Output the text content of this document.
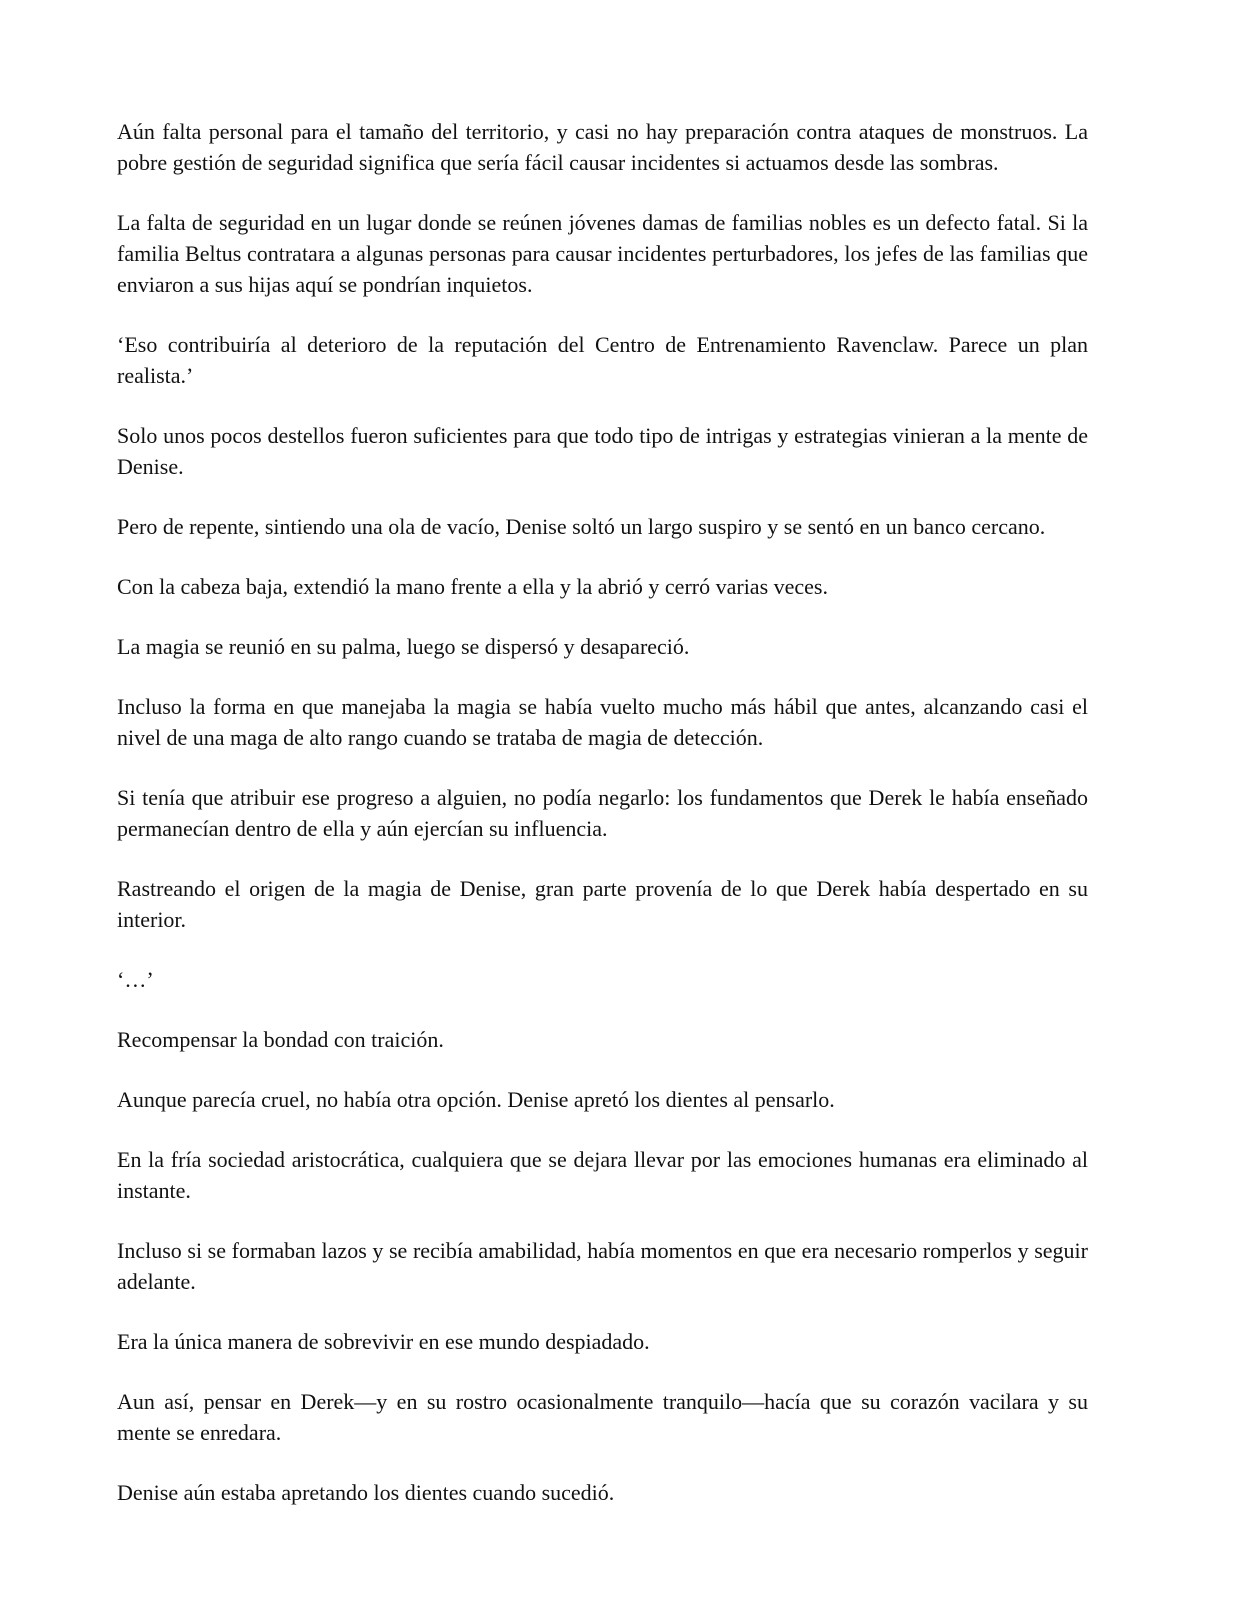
Aún falta personal para el tamaño del territorio, y casi no hay preparación contra ataques de monstruos. La pobre gestión de seguridad significa que sería fácil causar incidentes si actuamos desde las sombras.

La falta de seguridad en un lugar donde se reúnen jóvenes damas de familias nobles es un defecto fatal. Si la familia Beltus contratara a algunas personas para causar incidentes perturbadores, los jefes de las familias que enviaron a sus hijas aquí se pondrían inquietos.

‘Eso contribuiría al deterioro de la reputación del Centro de Entrenamiento Ravenclaw. Parece un plan realista.’

Solo unos pocos destellos fueron suficientes para que todo tipo de intrigas y estrategias vinieran a la mente de Denise.

Pero de repente, sintiendo una ola de vacío, Denise soltó un largo suspiro y se sentó en un banco cercano.

Con la cabeza baja, extendió la mano frente a ella y la abrió y cerró varias veces.

La magia se reunió en su palma, luego se dispersó y desapareció.

Incluso la forma en que manejaba la magia se había vuelto mucho más hábil que antes, alcanzando casi el nivel de una maga de alto rango cuando se trataba de magia de detección.

Si tenía que atribuir ese progreso a alguien, no podía negarlo: los fundamentos que Derek le había enseñado permanecían dentro de ella y aún ejercían su influencia.

Rastreando el origen de la magia de Denise, gran parte provenía de lo que Derek había despertado en su interior.

‘…’

Recompensar la bondad con traición.

Aunque parecía cruel, no había otra opción. Denise apretó los dientes al pensarlo.

En la fría sociedad aristocrática, cualquiera que se dejara llevar por las emociones humanas era eliminado al instante.

Incluso si se formaban lazos y se recibía amabilidad, había momentos en que era necesario romperlos y seguir adelante.

Era la única manera de sobrevivir en ese mundo despiadado.

Aun así, pensar en Derek—y en su rostro ocasionalmente tranquilo—hacía que su corazón vacilara y su mente se enredara.

Denise aún estaba apretando los dientes cuando sucedió.
